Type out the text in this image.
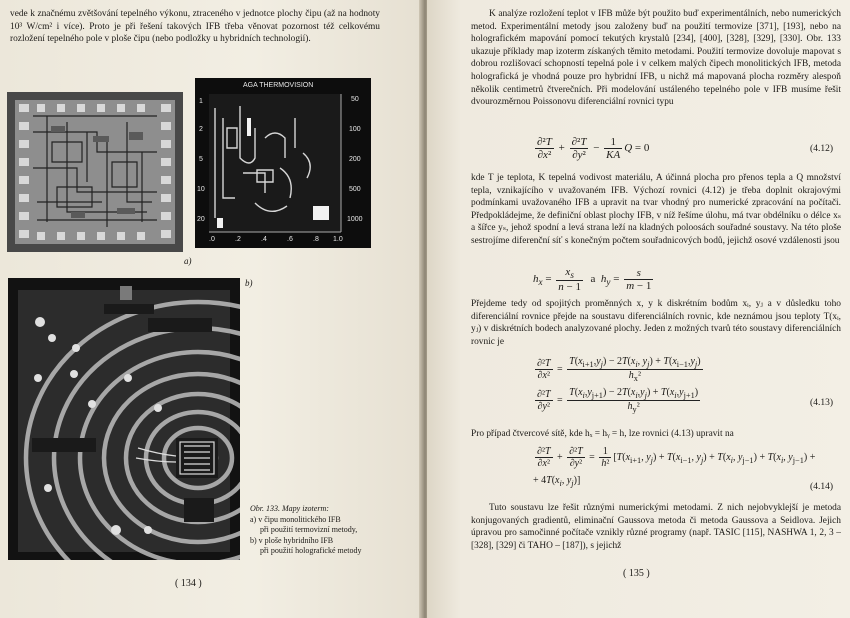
vede k značnému zvětšování tepelného výkonu, ztraceného v jednotce plochy čipu (až na hodnoty 10³ W/cm² i více). Proto je při řešení takových IFB třeba věnovat pozornost též celkovému rozložení tepelného pole v ploše čipu (nebo podložky u hybridních technologií).
AGA THERMOVISION
50
100
200
500
1000
1
2
5
10
20
.0	.2	.4	.6	.8 1.0
a)
b)
Obr. 133. Mapy izoterm:
a) v čipu monolitického IFB
při použití termovizní metody,
b) v ploše hybridního IFB
při použití holografické metody
( 134 )
K analýze rozložení teplot v IFB může být použito buď experimentálních, nebo numerických metod. Experimentální metody jsou založeny buď na použití termovize [371], [193], nebo na holografickém mapování pomocí tekutých krystalů [234], [400], [328], [329], [330]. Obr. 133 ukazuje příklady map izoterm získaných těmito metodami. Použití termovize dovoluje mapovat s dobrou rozlišovací schopností tepelná pole i v celkem malých čipech monolitických IFB, metoda holografická je vhodná pouze pro hybridní IFB, u nichž má mapovaná plocha rozměry alespoň několik centimetrů čtverečních. Při modelování ustáleného tepelného pole v IFB musíme řešit dvourozměrnou Poissonovu diferenciální rovnici typu
$\frac{\text{∂²T}}{\text{∂x²}} + \frac{\text{∂²T}}{\text{∂y²}} - \frac{1}{KA}$ Q = 0	(4.12)
kde T je teplota, K tepelná vodivost materiálu, A účinná plocha pro přenos tepla a Q množství tepla, vznikajícího v uvažovaném IFB. Výchozí rovnici (4.12) je třeba doplnit okrajovými podmínkami uvažovaného IFB a upravit na tvar vhodný pro numerické zpracování na počítači. Předpokládejme, že definiční oblast plochy IFB, v níž řešíme úlohu, má tvar obdélníku o délce xₛ a šířce yₛ, jehož spodní a levá strana leží na kladných poloosách souřadné soustavy. Na této ploše sestrojíme diferenční síť s konečným počtem souřadnicových bodů, jejichž osové vzdálenosti jsou
$h_x = \frac{x_s}{n - 1}$ a $h_y = \frac{s}{m - 1}$
Přejdeme tedy od spojitých proměnných x, y k diskrétním bodům xᵢ, yⱼ a v důsledku toho diferenciální rovnice přejde na soustavu diferenciálních rovnic, kde neznámou jsou teploty T(xᵢ, yⱼ) v diskrétních bodech analyzované plochy. Jeden z možných tvarů této soustavy diferenciálních rovnic je
$\frac{\text{∂²T}}{\text{∂x²}} = \frac{T(x_{i+1},y_j) - 2T(x_i, y_j) + T(x_{i-1},y_j)}{h_x^2}$
$\frac{\text{∂²T}}{\text{∂y²}} = \frac{T(x_i,y_{j+1}) - 2T(x_i,y_j) + T(x_i,y_{j+1})}{h_y^2}$	(4.13)
Pro případ čtvercové sítě, kde hₓ = hᵧ = h, lze rovnici (4.13) upravit na
$\frac{\text{∂²T}}{\text{∂x²}} + \frac{\text{∂²T}}{\text{∂y²}} = \frac{1}{\text{h²}} [T(x_{i+1}$, $y_j) + T(x_{i-1}$, $y_j) + T(x_i$, $y_{j-1}) + T(x_i$, $y_{j-1}$) +
+ $4T(x_i$, $y_j$)]
(4.14)
Tuto soustavu lze řešit různými numerickými metodami. Z nich nejobvyklejší je metoda konjugovaných gradientů, eliminační Gaussova metoda či metoda Gaussova a Seidlova. Jejich úpravou pro samočinné počítače vznikly různé programy (např. TASIC [115], NASHWA 1, 2, 3 – [328], [329] či TAHO – [187]), s jejichž
( 135 )
